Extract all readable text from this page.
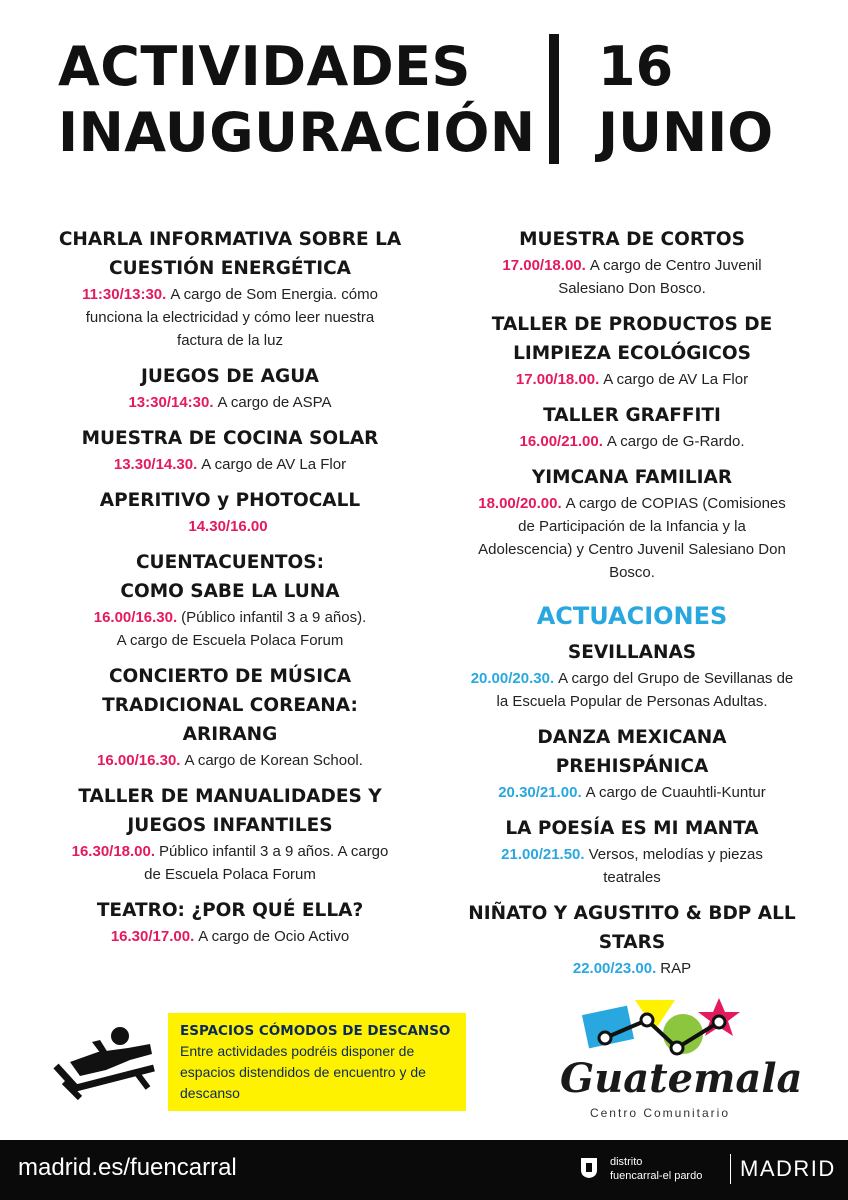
ACTIVIDADES
INAUGURACIÓN
16
JUNIO
CHARLA INFORMATIVA SOBRE LA
CUESTIÓN ENERGÉTICA
11:30/13:30. A cargo de Som Energia. cómo
funciona la electricidad y cómo leer nuestra
factura de la luz
JUEGOS DE AGUA
13:30/14:30. A cargo de ASPA
MUESTRA DE COCINA SOLAR
13.30/14.30. A cargo de AV La Flor
APERITIVO y PHOTOCALL
14.30/16.00
CUENTACUENTOS:
COMO SABE LA LUNA
16.00/16.30. (Público infantil 3 a 9 años).
A cargo de Escuela Polaca Forum
CONCIERTO DE MÚSICA
TRADICIONAL COREANA:
ARIRANG
16.00/16.30. A cargo de Korean School.
TALLER DE MANUALIDADES Y
JUEGOS INFANTILES
16.30/18.00. Público infantil 3 a 9 años. A cargo
de Escuela Polaca Forum
TEATRO: ¿POR QUÉ ELLA?
16.30/17.00. A cargo de Ocio Activo
MUESTRA DE CORTOS
17.00/18.00. A cargo de Centro Juvenil
Salesiano Don Bosco.
TALLER DE PRODUCTOS DE
LIMPIEZA ECOLÓGICOS
17.00/18.00. A cargo de AV La Flor
TALLER GRAFFITI
16.00/21.00. A cargo de G-Rardo.
YIMCANA FAMILIAR
18.00/20.00. A cargo de COPIAS (Comisiones
de Participación de la Infancia y la
Adolescencia) y Centro Juvenil Salesiano Don
Bosco.
ACTUACIONES
SEVILLANAS
20.00/20.30. A cargo del Grupo de Sevillanas de
la Escuela Popular de Personas Adultas.
DANZA MEXICANA
PREHISPÁNICA
20.30/21.00. A cargo de Cuauhtli-Kuntur
LA POESÍA ES MI MANTA
21.00/21.50. Versos, melodías y piezas
teatrales
NIÑATO Y AGUSTITO & BDP ALL
STARS
22.00/23.00. RAP
ESPACIOS CÓMODOS DE DESCANSO
Entre actividades podréis disponer de
espacios distendidos de encuentro y de
descanso	Guatemala
Centro Comunitario
madrid.es/fuencarral	distrito
fuencarral-el pardo MADRID
